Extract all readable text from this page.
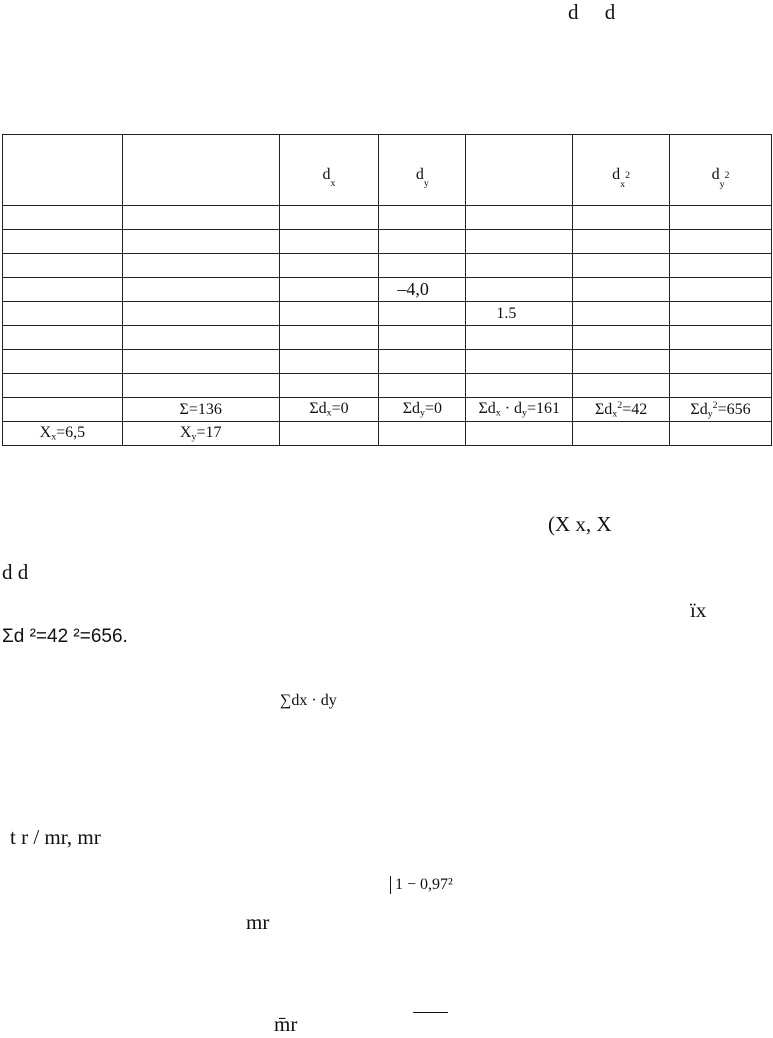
d     d
		$d_x$	$d_y$		$d_x^2$	$d_y^2$

			–4,0			
				1.5		

	Σ=136	$\Sigma d_x=0$	$\Sigma d_y=0$	$\Sigma d_x \cdot d_y=161$	$\Sigma d_x^2=42$	$\Sigma d_y^2=656$
$X_x=6,5$	$X_y=17$					
(X x, X
d d
ïx
Σd ²=42 ²=656.
∑dx · dy
t r / mr, mr
1 − 0,97²
mr
m̄r
